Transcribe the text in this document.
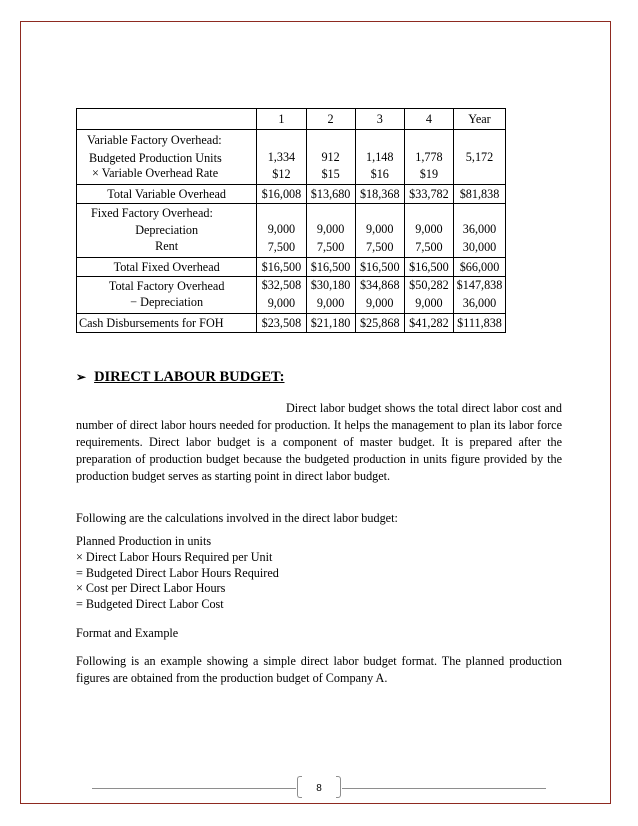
	1	2	3	4	Year
Variable Factory Overhead:					
Budgeted Production Units	1,334	912	1,148	1,778	5,172
× Variable Overhead Rate	$12	$15	$16	$19	
Total Variable Overhead	$16,008	$13,680	$18,368	$33,782	$81,838
Fixed Factory Overhead:					
Depreciation	9,000	9,000	9,000	9,000	36,000
Rent	7,500	7,500	7,500	7,500	30,000
Total Fixed Overhead	$16,500	$16,500	$16,500	$16,500	$66,000
Total Factory Overhead	$32,508	$30,180	$34,868	$50,282	$147,838
− Depreciation	9,000	9,000	9,000	9,000	36,000
Cash Disbursements for FOH	$23,508	$21,180	$25,868	$41,282	$111,838
➢ DIRECT LABOUR BUDGET:

Direct labor budget shows the total direct labor cost and number of direct labor hours needed for production. It helps the management to plan its labor force requirements. Direct labor budget is a component of master budget. It is prepared after the preparation of production budget because the budgeted production in units figure provided by the production budget serves as starting point in direct labor budget.

Following are the calculations involved in the direct labor budget:

Planned Production in units
× Direct Labor Hours Required per Unit
= Budgeted Direct Labor Hours Required
× Cost per Direct Labor Hours
= Budgeted Direct Labor Cost
Format and Example

Following is an example showing a simple direct labor budget format. The planned production figures are obtained from the production budget of Company A.

8
